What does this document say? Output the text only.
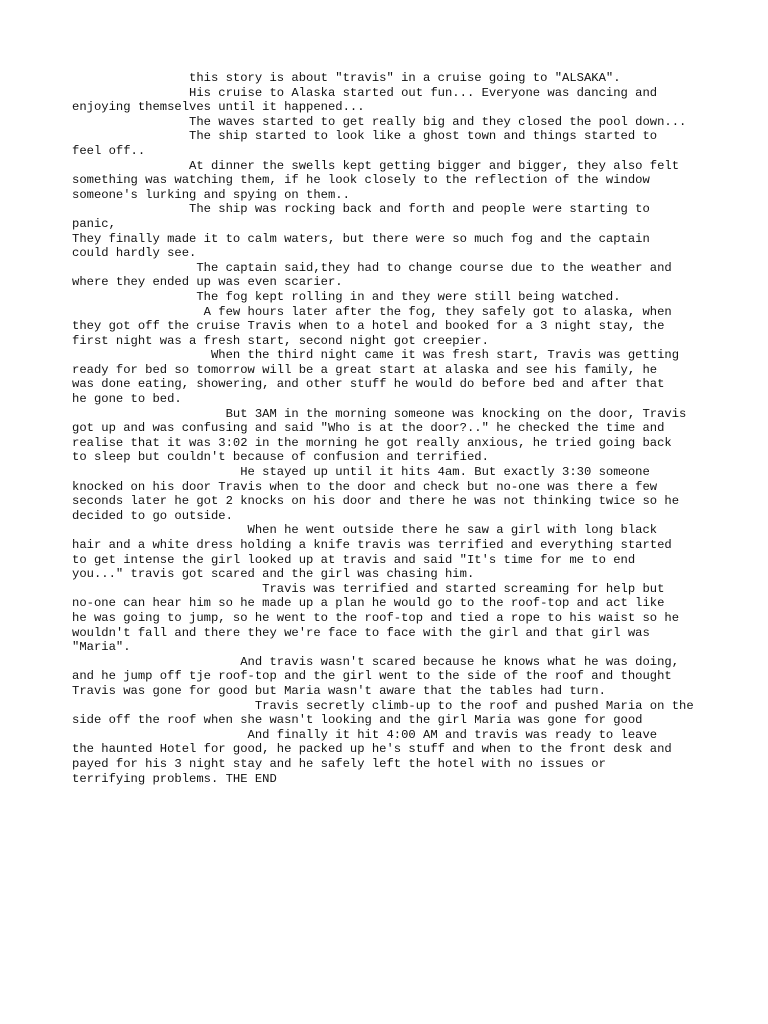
this story is about "travis" in a cruise going to "ALSAKA".
His cruise to Alaska started out fun... Everyone was dancing and
enjoying themselves until it happened...
The waves started to get really big and they closed the pool down...
The ship started to look like a ghost town and things started to
feel off..
At dinner the swells kept getting bigger and bigger, they also felt
something was watching them, if he look closely to the reflection of the window
someone's lurking and spying on them..
The ship was rocking back and forth and people were starting to
panic,
They finally made it to calm waters, but there were so much fog and the captain
could hardly see.
The captain said,they had to change course due to the weather and
where they ended up was even scarier.
The fog kept rolling in and they were still being watched.
A few hours later after the fog, they safely got to alaska, when
they got off the cruise Travis when to a hotel and booked for a 3 night stay, the
first night was a fresh start, second night got creepier.
When the third night came it was fresh start, Travis was getting
ready for bed so tomorrow will be a great start at alaska and see his family, he
was done eating, showering, and other stuff he would do before bed and after that
he gone to bed.
But 3AM in the morning someone was knocking on the door, Travis
got up and was confusing and said "Who is at the door?.." he checked the time and
realise that it was 3:02 in the morning he got really anxious, he tried going back
to sleep but couldn't because of confusion and terrified.
He stayed up until it hits 4am. But exactly 3:30 someone
knocked on his door Travis when to the door and check but no-one was there a few
seconds later he got 2 knocks on his door and there he was not thinking twice so he
decided to go outside.
When he went outside there he saw a girl with long black
hair and a white dress holding a knife travis was terrified and everything started
to get intense the girl looked up at travis and said "It's time for me to end
you..." travis got scared and the girl was chasing him.
Travis was terrified and started screaming for help but
no-one can hear him so he made up a plan he would go to the roof-top and act like
he was going to jump, so he went to the roof-top and tied a rope to his waist so he
wouldn't fall and there they we're face to face with the girl and that girl was
"Maria".
And travis wasn't scared because he knows what he was doing,
and he jump off tje roof-top and the girl went to the side of the roof and thought
Travis was gone for good but Maria wasn't aware that the tables had turn.
Travis secretly climb-up to the roof and pushed Maria on the
side off the roof when she wasn't looking and the girl Maria was gone for good
And finally it hit 4:00 AM and travis was ready to leave
the haunted Hotel for good, he packed up he's stuff and when to the front desk and
payed for his 3 night stay and he safely left the hotel with no issues or
terrifying problems. THE END
